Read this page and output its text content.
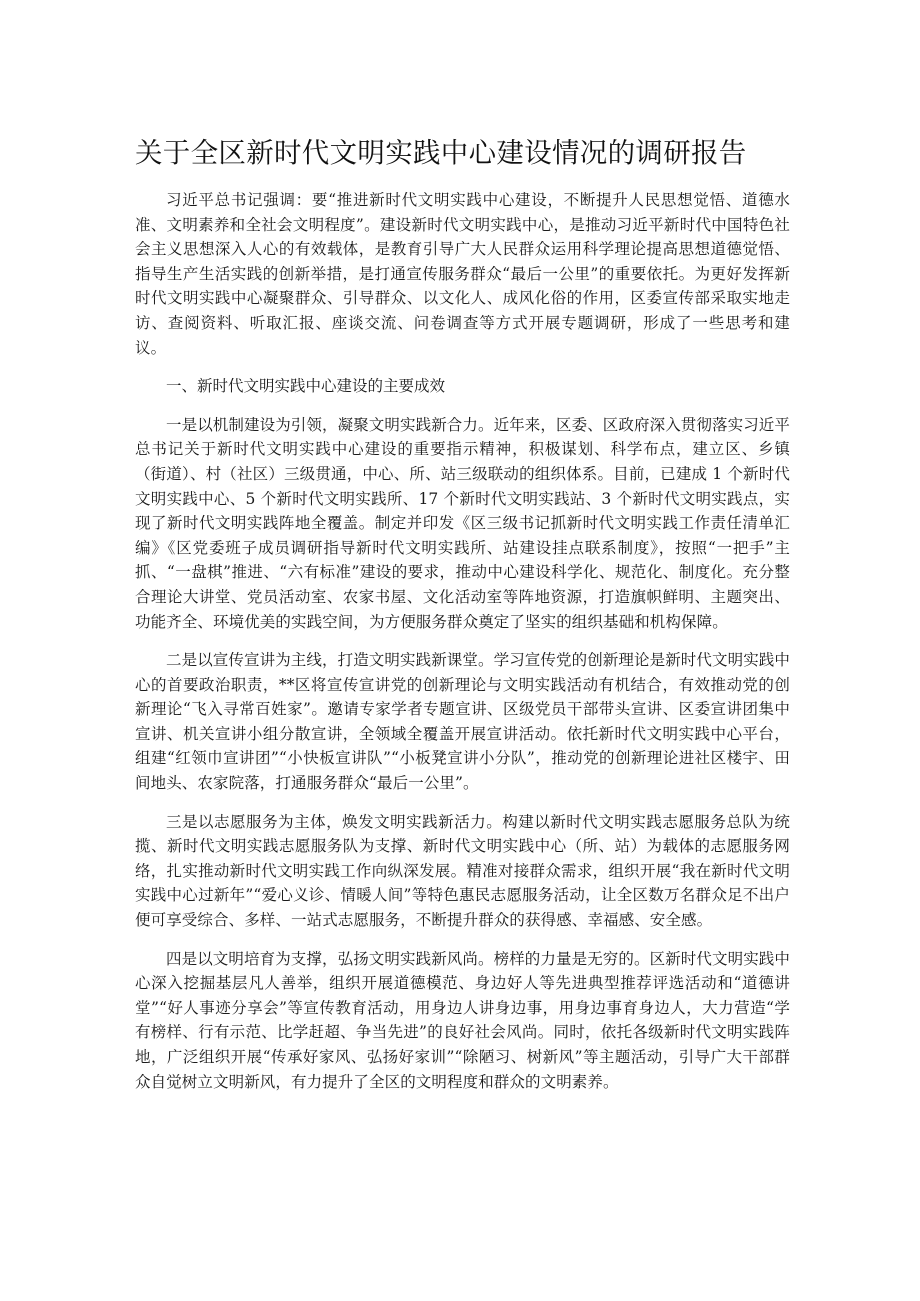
关于全区新时代文明实践中心建设情况的调研报告

习近平总书记强调：要“推进新时代文明实践中心建设，不断提升人民思想觉悟、道德水准、文明素养和全社会文明程度”。建设新时代文明实践中心，是推动习近平新时代中国特色社会主义思想深入人心的有效载体，是教育引导广大人民群众运用科学理论提高思想道德觉悟、指导生产生活实践的创新举措，是打通宣传服务群众“最后一公里”的重要依托。为更好发挥新时代文明实践中心凝聚群众、引导群众、以文化人、成风化俗的作用，区委宣传部采取实地走访、查阅资料、听取汇报、座谈交流、问卷调查等方式开展专题调研，形成了一些思考和建议。

一、新时代文明实践中心建设的主要成效

一是以机制建设为引领，凝聚文明实践新合力。近年来，区委、区政府深入贯彻落实习近平总书记关于新时代文明实践中心建设的重要指示精神，积极谋划、科学布点，建立区、乡镇（街道）、村（社区）三级贯通，中心、所、站三级联动的组织体系。目前，已建成 1 个新时代文明实践中心、5 个新时代文明实践所、17 个新时代文明实践站、3 个新时代文明实践点，实现了新时代文明实践阵地全覆盖。制定并印发《区三级书记抓新时代文明实践工作责任清单汇编》《区党委班子成员调研指导新时代文明实践所、站建设挂点联系制度》，按照“一把手”主抓、“一盘棋”推进、“六有标准”建设的要求，推动中心建设科学化、规范化、制度化。充分整合理论大讲堂、党员活动室、农家书屋、文化活动室等阵地资源，打造旗帜鲜明、主题突出、功能齐全、环境优美的实践空间，为方便服务群众奠定了坚实的组织基础和机构保障。

二是以宣传宣讲为主线，打造文明实践新课堂。学习宣传党的创新理论是新时代文明实践中心的首要政治职责，**区将宣传宣讲党的创新理论与文明实践活动有机结合，有效推动党的创新理论“飞入寻常百姓家”。邀请专家学者专题宣讲、区级党员干部带头宣讲、区委宣讲团集中宣讲、机关宣讲小组分散宣讲，全领域全覆盖开展宣讲活动。依托新时代文明实践中心平台，组建“红领巾宣讲团”“小快板宣讲队”“小板凳宣讲小分队”，推动党的创新理论进社区楼宇、田间地头、农家院落，打通服务群众“最后一公里”。

三是以志愿服务为主体，焕发文明实践新活力。构建以新时代文明实践志愿服务总队为统揽、新时代文明实践志愿服务队为支撑、新时代文明实践中心（所、站）为载体的志愿服务网络，扎实推动新时代文明实践工作向纵深发展。精准对接群众需求，组织开展“我在新时代文明实践中心过新年”“爱心义诊、情暖人间”等特色惠民志愿服务活动，让全区数万名群众足不出户便可享受综合、多样、一站式志愿服务，不断提升群众的获得感、幸福感、安全感。

四是以文明培育为支撑，弘扬文明实践新风尚。榜样的力量是无穷的。区新时代文明实践中心深入挖掘基层凡人善举，组织开展道德模范、身边好人等先进典型推荐评选活动和“道德讲堂”“好人事迹分享会”等宣传教育活动，用身边人讲身边事，用身边事育身边人，大力营造“学有榜样、行有示范、比学赶超、争当先进”的良好社会风尚。同时，依托各级新时代文明实践阵地，广泛组织开展“传承好家风、弘扬好家训”“除陋习、树新风”等主题活动，引导广大干部群众自觉树立文明新风，有力提升了全区的文明程度和群众的文明素养。
